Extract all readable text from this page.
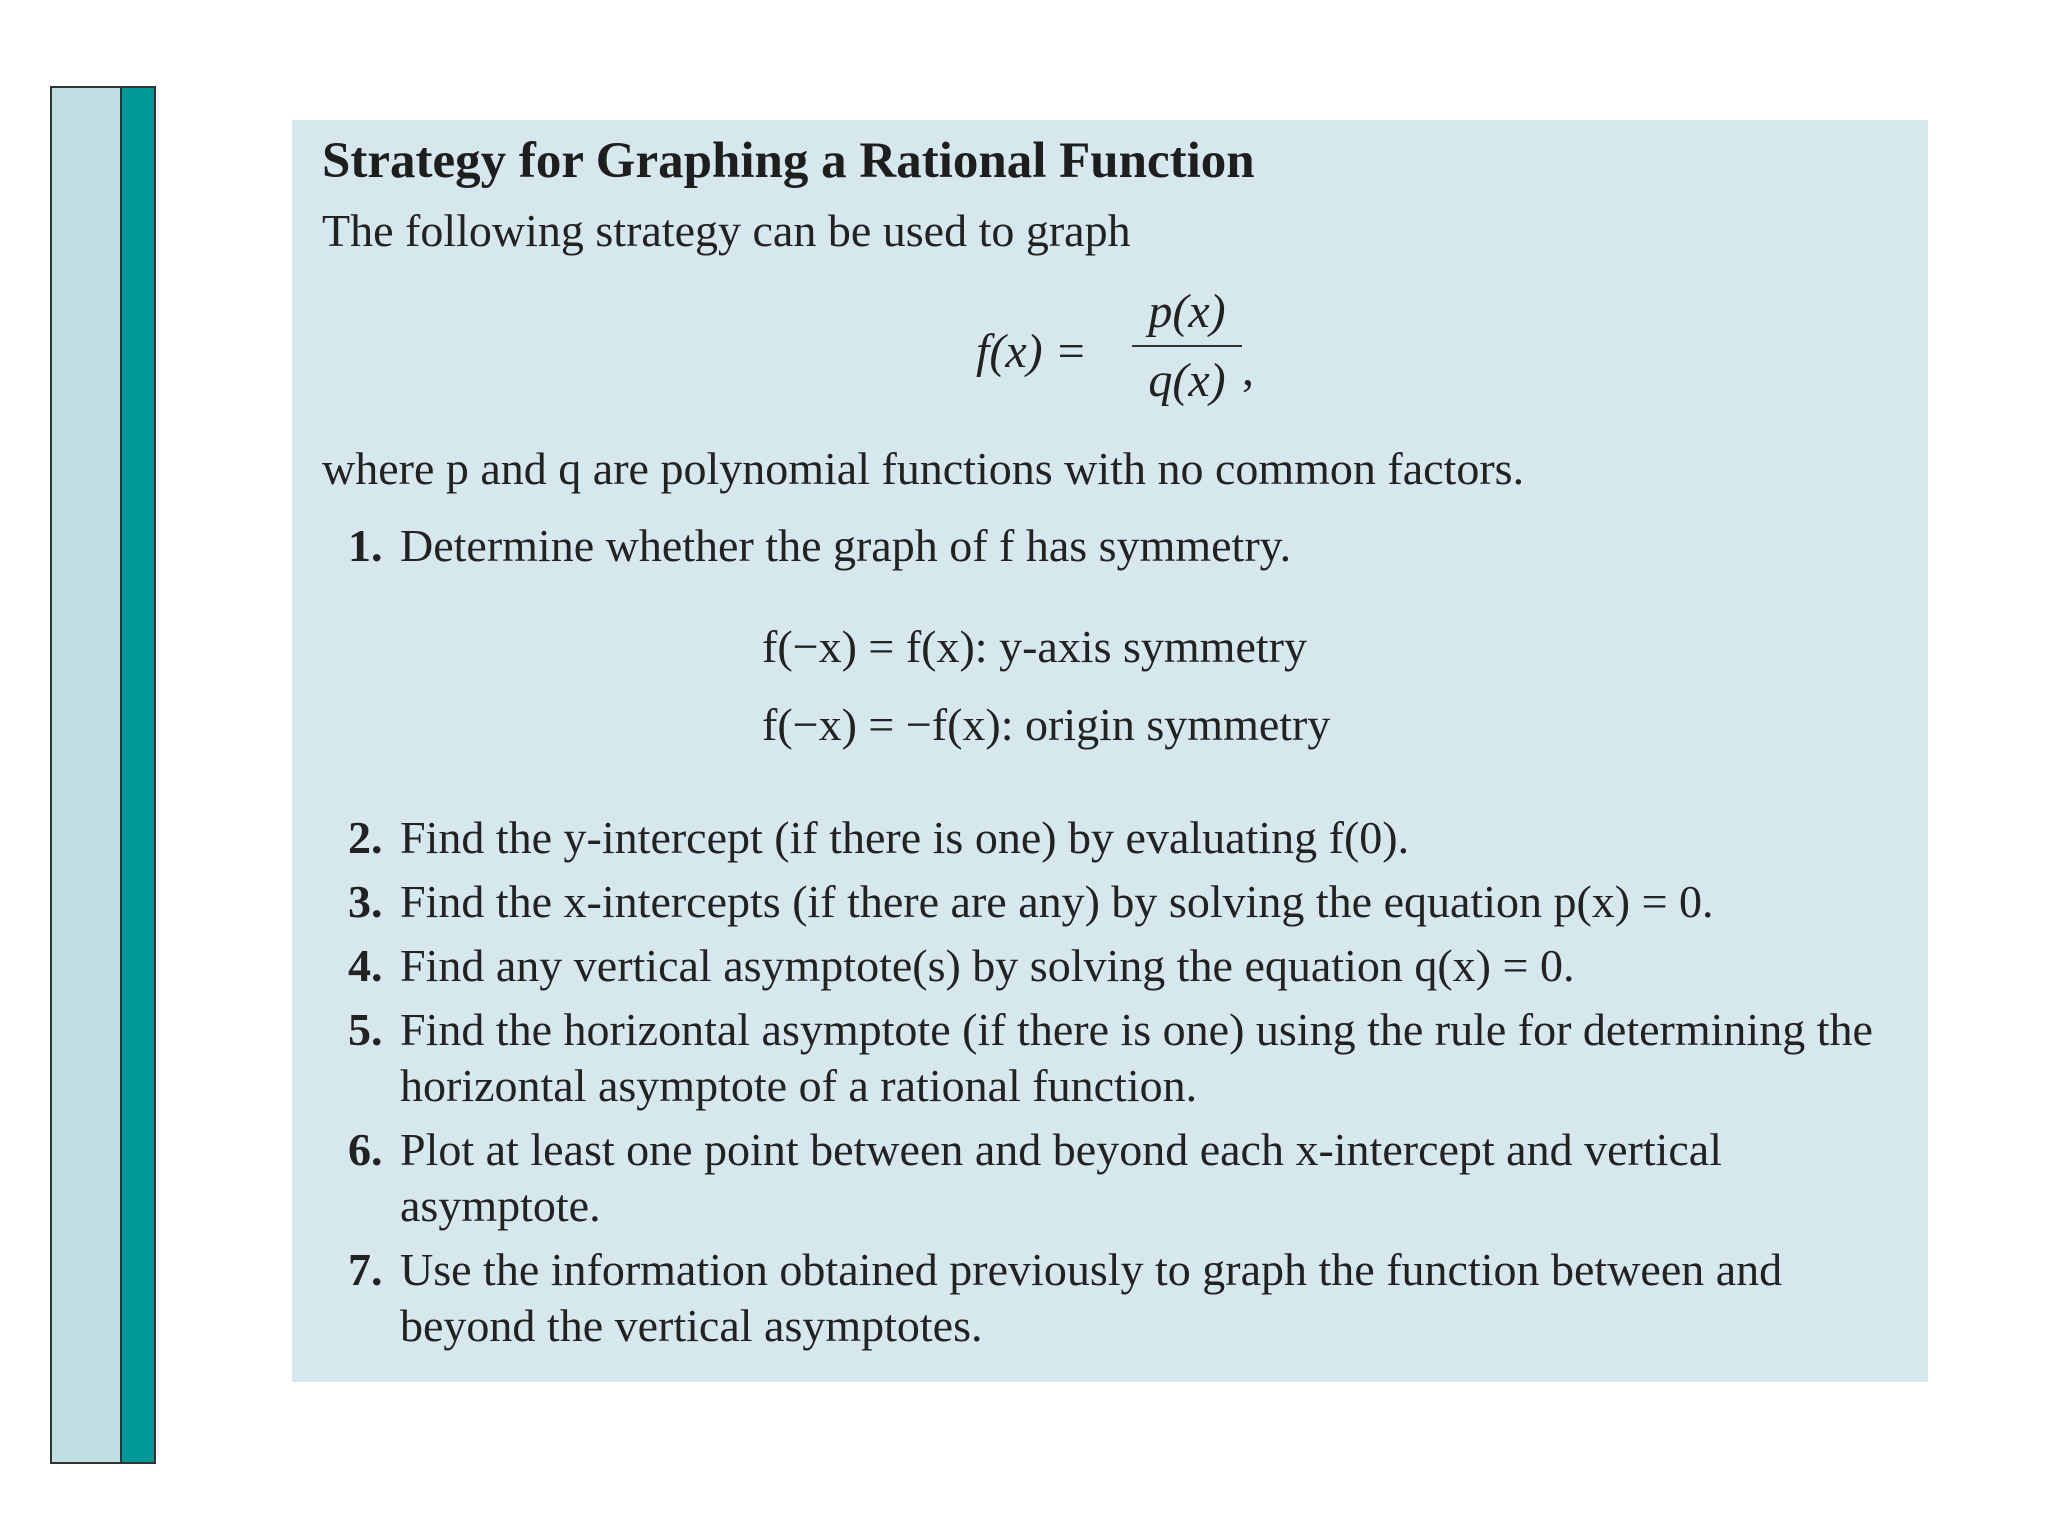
Strategy for Graphing a Rational Function
The following strategy can be used to graph
f(x) =
p(x)
q(x) ,
where p and q are polynomial functions with no common factors.
1. Determine whether the graph of f has symmetry.
f(−x) = f(x): y-axis symmetry
f(−x) = −f(x): origin symmetry
2. Find the y-intercept (if there is one) by evaluating f(0).
3. Find the x-intercepts (if there are any) by solving the equation p(x) = 0.
4. Find any vertical asymptote(s) by solving the equation q(x) = 0.
5. Find the horizontal asymptote (if there is one) using the rule for determining the horizontal asymptote of a rational function.
6. Plot at least one point between and beyond each x-intercept and vertical asymptote.
7. Use the information obtained previously to graph the function between and beyond the vertical asymptotes.
